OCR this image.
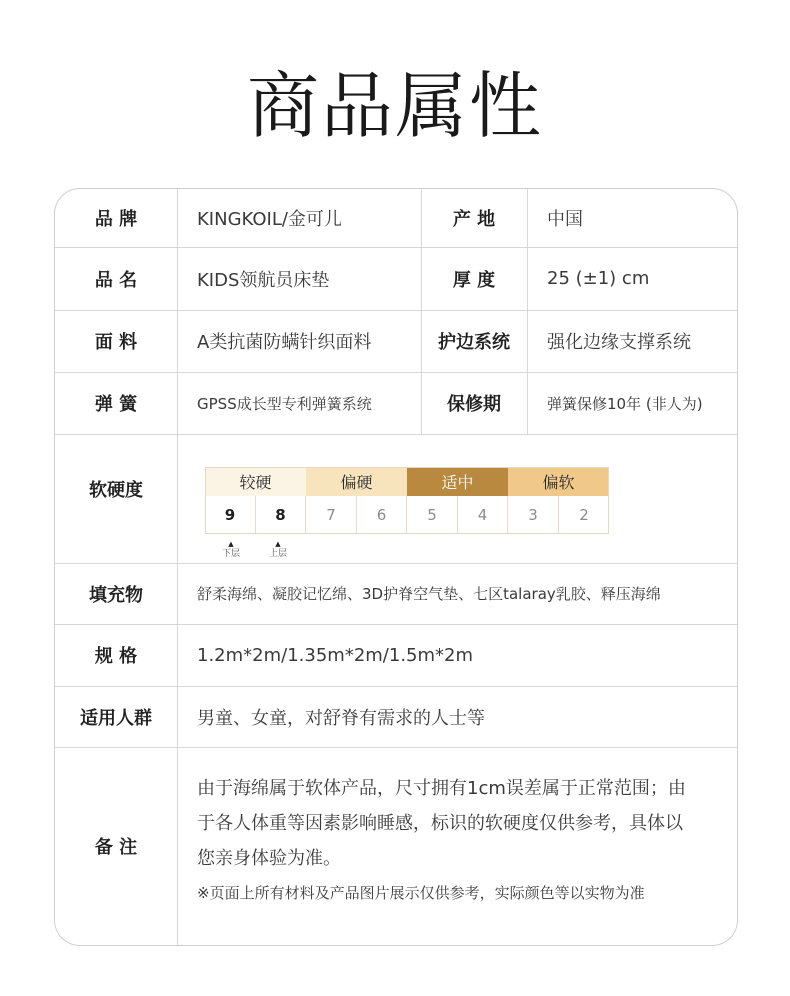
商品属性
品 牌	KINGKOIL/金可儿	产 地	中国
品 名	KIDS领航员床垫	厚 度	25 (±1) cm
面 料	A类抗菌防螨针织面料	护边系统	强化边缘支撑系统
弹 簧	GPSS成长型专利弹簧系统	保修期	弹簧保修10年 (非人为)
软硬度	较硬	偏硬	适中	偏软
9	8	7	6	5	4	3	2
▲
下层
▲
上层
填充物	舒柔海绵、凝胶记忆绵、3D护脊空气垫、七区talaray乳胶、释压海绵
规 格	1.2m*2m/1.35m*2m/1.5m*2m
适用人群	男童、女童，对舒脊有需求的人士等
备 注
由于海绵属于软体产品，尺寸拥有1cm误差属于正常范围；由
于各人体重等因素影响睡感，标识的软硬度仅供参考，具体以
您亲身体验为准。
※页面上所有材料及产品图片展示仅供参考，实际颜色等以实物为准
